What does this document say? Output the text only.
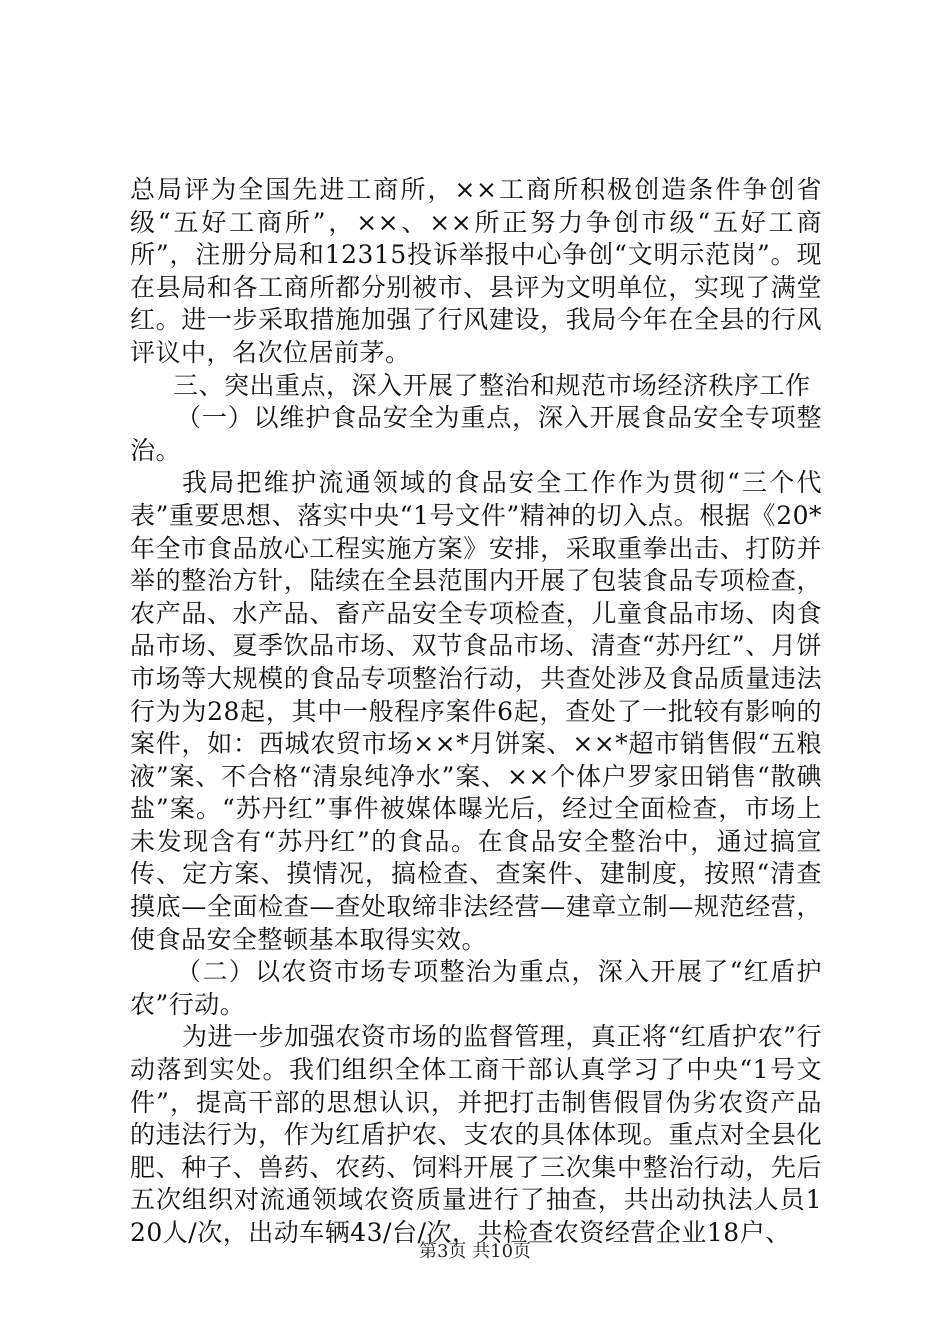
总局评为全国先进工商所，××工商所积极创造条件争创省级“五好工商所”，××、××所正努力争创市级“五好工商所”，注册分局和12315投诉举报中心争创“文明示范岗”。现在县局和各工商所都分别被市、县评为文明单位，实现了满堂红。进一步采取措施加强了行风建设，我局今年在全县的行风评议中，名次位居前茅。

三、突出重点，深入开展了整治和规范市场经济秩序工作

（一）以维护食品安全为重点，深入开展食品安全专项整治。

我局把维护流通领域的食品安全工作作为贯彻“三个代表”重要思想、落实中央“1号文件”精神的切入点。根据《20*年全市食品放心工程实施方案》安排，采取重拳出击、打防并举的整治方针，陆续在全县范围内开展了包装食品专项检查，农产品、水产品、畜产品安全专项检查，儿童食品市场、肉食品市场、夏季饮品市场、双节食品市场、清查“苏丹红”、月饼市场等大规模的食品专项整治行动，共查处涉及食品质量违法行为为28起，其中一般程序案件6起，查处了一批较有影响的案件，如：西城农贸市场××*月饼案、××*超市销售假“五粮液”案、不合格“清泉纯净水”案、××个体户罗家田销售“散碘盐”案。“苏丹红”事件被媒体曝光后，经过全面检查，市场上未发现含有“苏丹红”的食品。在食品安全整治中，通过搞宣传、定方案、摸情况，搞检查、查案件、建制度，按照“清查摸底—全面检查—查处取缔非法经营—建章立制—规范经营，使食品安全整顿基本取得实效。

（二）以农资市场专项整治为重点，深入开展了“红盾护农”行动。

为进一步加强农资市场的监督管理，真正将“红盾护农”行动落到实处。我们组织全体工商干部认真学习了中央“1号文件”，提高干部的思想认识，并把打击制售假冒伪劣农资产品的违法行为，作为红盾护农、支农的具体体现。重点对全县化肥、种子、兽药、农药、饲料开展了三次集中整治行动，先后五次组织对流通领域农资质量进行了抽查，共出动执法人员120人/次，出动车辆43/台/次，共检查农资经营企业18户、

第3页 共10页
